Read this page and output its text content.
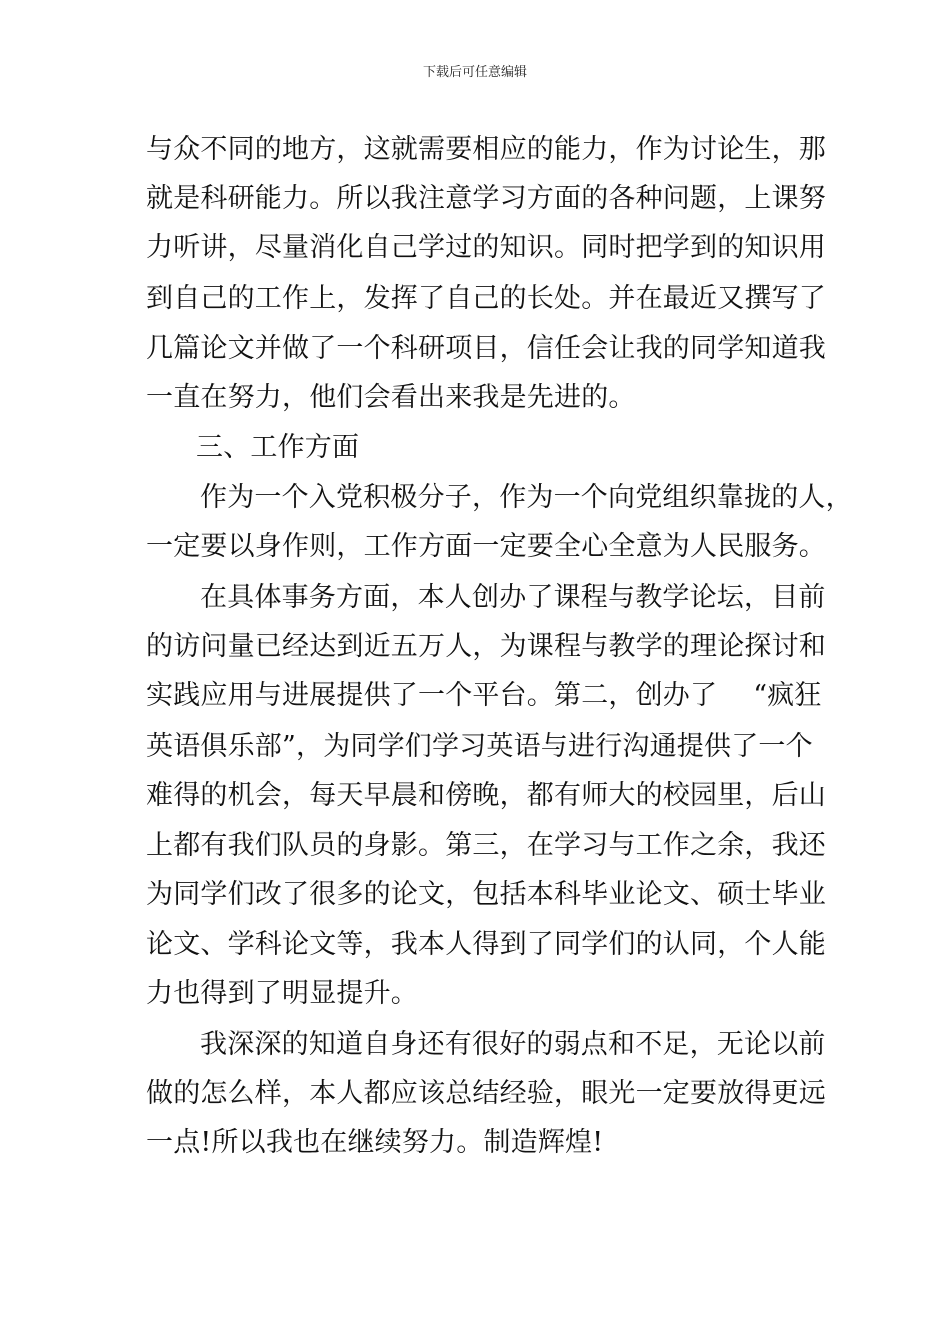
下载后可任意编辑
与众不同的地方，这就需要相应的能力，作为讨论生，那
就是科研能力。所以我注意学习方面的各种问题，上课努
力听讲，尽量消化自己学过的知识。同时把学到的知识用
到自己的工作上，发挥了自己的长处。并在最近又撰写了
几篇论文并做了一个科研项目，信任会让我的同学知道我
一直在努力，他们会看出来我是先进的。
三、工作方面
作为一个入党积极分子，作为一个向党组织靠拢的人，
一定要以身作则，工作方面一定要全心全意为人民服务。
在具体事务方面，本人创办了课程与教学论坛，目前
的访问量已经达到近五万人，为课程与教学的理论探讨和
实践应用与进展提供了一个平台。第二，创办了 “疯狂
英语俱乐部”，为同学们学习英语与进行沟通提供了一个
难得的机会，每天早晨和傍晚，都有师大的校园里，后山
上都有我们队员的身影。第三，在学习与工作之余，我还
为同学们改了很多的论文，包括本科毕业论文、硕士毕业
论文、学科论文等，我本人得到了同学们的认同，个人能
力也得到了明显提升。
我深深的知道自身还有很好的弱点和不足，无论以前
做的怎么样，本人都应该总结经验，眼光一定要放得更远
一点!所以我也在继续努力。制造辉煌!
